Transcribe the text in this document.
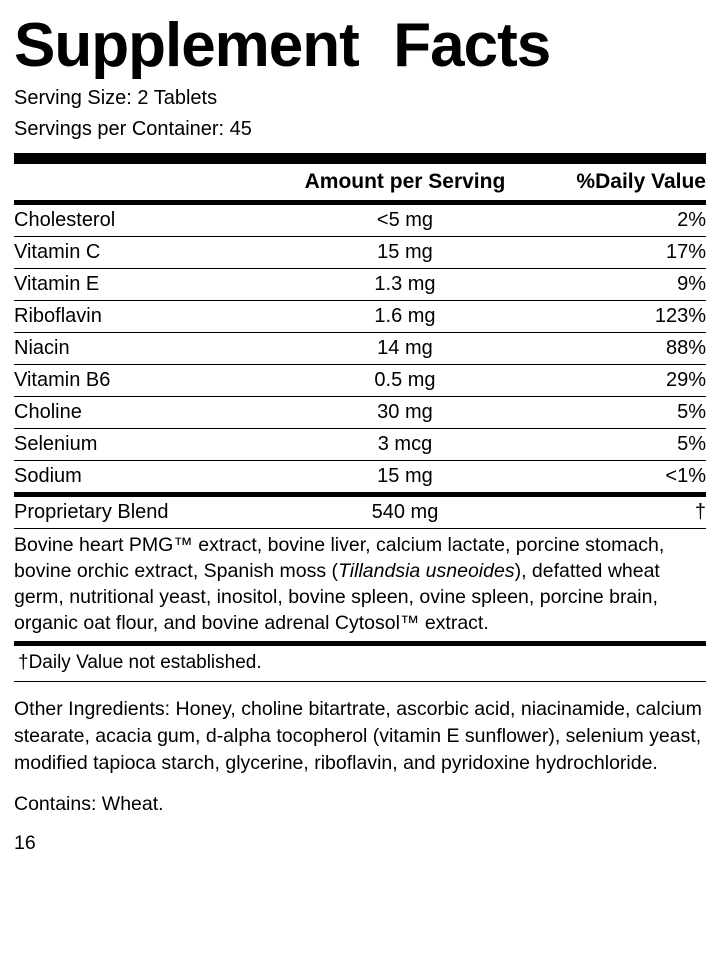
Supplement Facts
Serving Size: 2 Tablets
Servings per Container: 45
	Amount per Serving	%Daily Value
Cholesterol	<5 mg	2%
Vitamin C	15 mg	17%
Vitamin E	1.3 mg	9%
Riboflavin	1.6 mg	123%
Niacin	14 mg	88%
Vitamin B6	0.5 mg	29%
Choline	30 mg	5%
Selenium	3 mcg	5%
Sodium	15 mg	<1%
Proprietary Blend	540 mg	†
Bovine heart PMG™ extract, bovine liver, calcium lactate, porcine stomach, bovine orchic extract, Spanish moss (Tillandsia usneoides), defatted wheat germ, nutritional yeast, inositol, bovine spleen, ovine spleen, porcine brain, organic oat flour, and bovine adrenal Cytosol™ extract.
†Daily Value not established.
Other Ingredients: Honey, choline bitartrate, ascorbic acid, niacinamide, calcium stearate, acacia gum, d-alpha tocopherol (vitamin E sunflower), selenium yeast, modified tapioca starch, glycerine, riboflavin, and pyridoxine hydrochloride.
Contains: Wheat.
16
